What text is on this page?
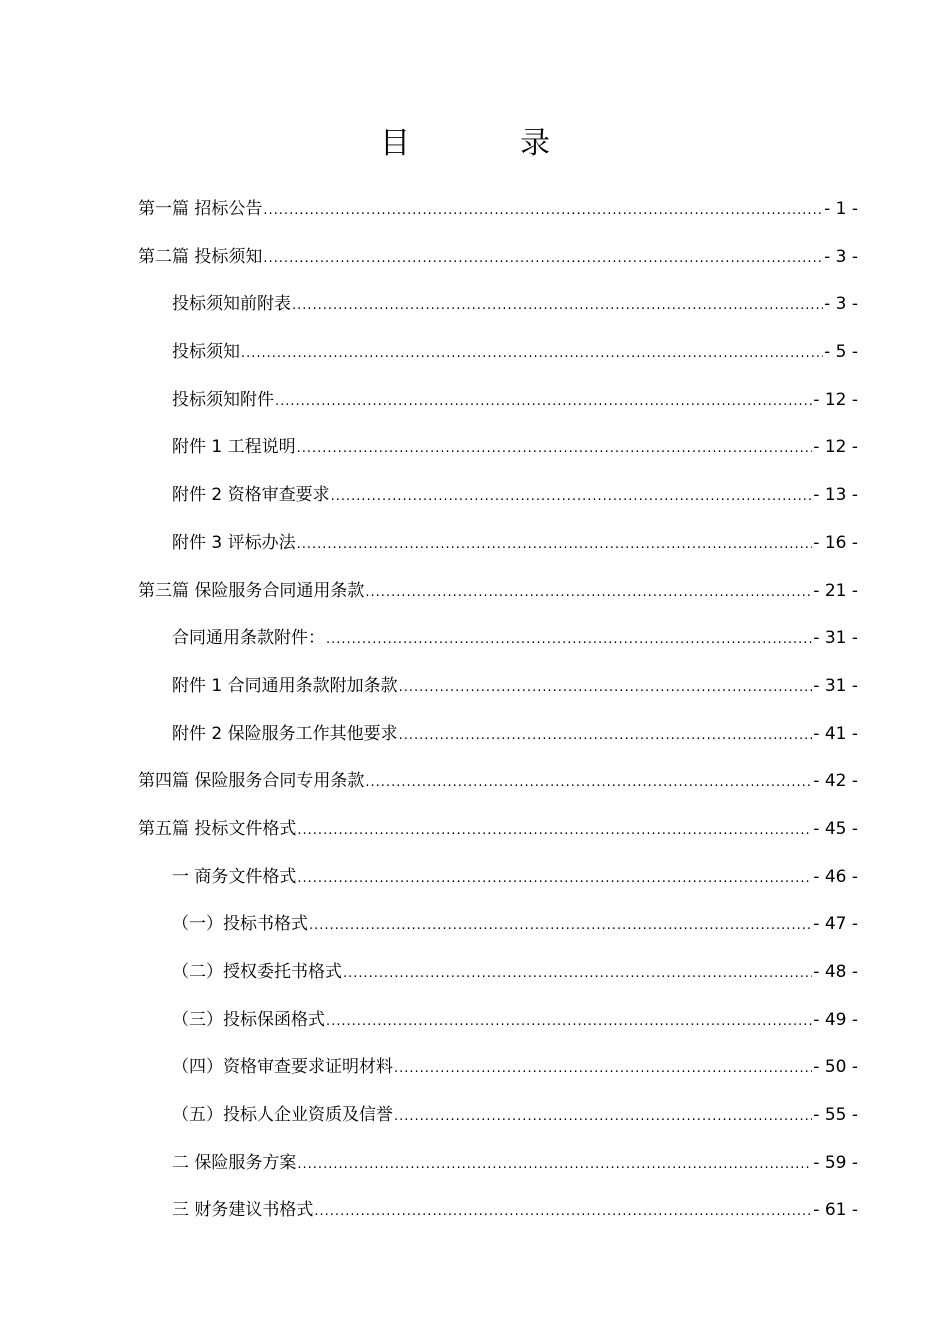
目　录
第一篇 招标公告 .....	- 1 -
第二篇 投标须知 .....	- 3 -
投标须知前附表 .....	- 3 -
投标须知 .....	- 5 -
投标须知附件 .....	- 12 -
附件 1 工程说明 .....	- 12 -
附件 2 资格审查要求 .....	- 13 -
附件 3 评标办法 .....	- 16 -
第三篇 保险服务合同通用条款 .....	- 21 -
合同通用条款附件： .....	- 31 -
附件 1 合同通用条款附加条款 .....	- 31 -
附件 2 保险服务工作其他要求 .....	- 41 -
第四篇 保险服务合同专用条款 .....	- 42 -
第五篇 投标文件格式 .....	- 45 -
一 商务文件格式 .....	- 46 -
（一）投标书格式 .....	- 47 -
（二）授权委托书格式 .....	- 48 -
（三）投标保函格式 .....	- 49 -
（四）资格审查要求证明材料 .....	- 50 -
（五）投标人企业资质及信誉 .....	- 55 -
二 保险服务方案 .....	- 59 -
三 财务建议书格式 .....	- 61 -
